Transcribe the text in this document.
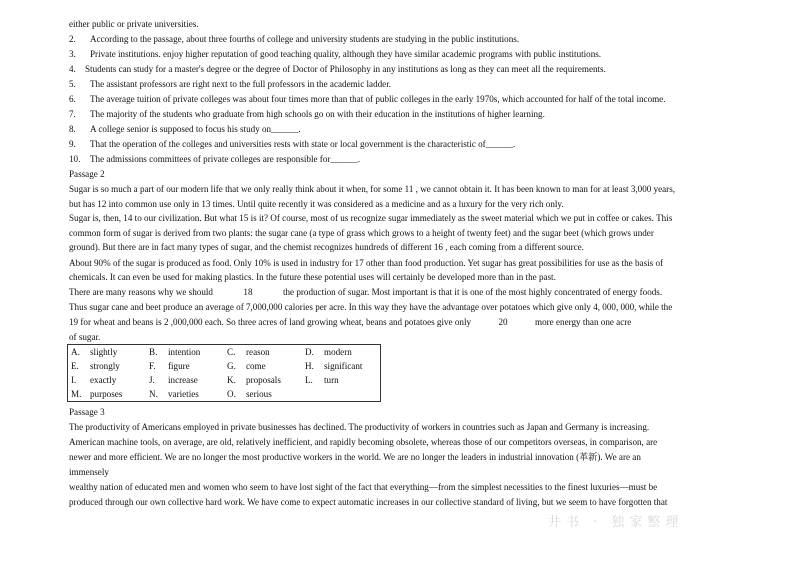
either public or private universities.
2. According to the passage, about three fourths of college and university students are studying in the public institutions.
3. Private institutions. enjoy higher reputation of good teaching quality, although they have similar academic programs with public institutions.
4. Students can study for a master's degree or the degree of Doctor of Philosophy in any institutions as long as they can meet all the requirements.
5. The assistant professors are right next to the full professors in the academic ladder.
6. The average tuition of private colleges was about four times more than that of public colleges in the early 1970s, which accounted for half of the total income.
7. The majority of the students who graduate from high schools go on with their education in the institutions of higher learning.
8. A college senior is supposed to focus his study on______.
9. That the operation of the colleges and universities rests with state or local government is the characteristic of______.
10. The admissions committees of private colleges are responsible for______.
Passage 2
Sugar is so much a part of our modern life that we only really think about it when, for some 11 , we cannot obtain it. It has been known to man for at least 3,000 years,
but has 12 into common use only in 13 times. Until quite recently it was considered as a medicine and as a luxury for the very rich only.
Sugar is, then, 14 to our civilization. But what 15 is it? Of course, most of us recognize sugar immediately as the sweet material which we put in coffee or cakes. This
common form of sugar is derived from two plants: the sugar cane (a type of grass which grows to a height of twenty feet) and the sugar beet (which grows under
ground). But there are in fact many types of sugar, and the chemist recognizes hundreds of different 16 , each coming from a different source.
About 90% of the sugar is produced as food. Only 10% is used in industry for 17 other than food production. Yet sugar has great possibilities for use as the basis of
chemicals. It can even be used for making plastics. In the future these potential uses will certainly be developed more than in the past.
There are many reasons why we should	18	the production of sugar. Most important is that it is one of the most highly concentrated of energy foods.
Thus sugar cane and beet produce an average of 7,000,000 calories per acre. In this way they have the advantage over potatoes which give only 4, 000, 000, while the
19 for wheat and beans is 2 ,000,000 each. So three acres of land growing wheat, beans and potatoes give only	20	more energy than one acre
of sugar.
A.	slightly	B.	intention	C.	reason	D.	modern
E.	strongly	F.	figure	G.	come	H.	significant
I.	exactly	J.	increase	K.	proposals	L.	turn
M.	purposes	N.	varieties	O.	serious		
Passage 3
The productivity of Americans employed in private businesses has declined. The productivity of workers in countries such as Japan and Germany is increasing.
American machine tools, on average, are old, relatively inefficient, and rapidly becoming obsolete, whereas those of our competitors overseas, in comparison, are
newer and more efficient. We are no longer the most productive workers in the world. We are no longer the leaders in industrial innovation (革新). We are an
immensely
wealthy nation of educated men and women who seem to have lost sight of the fact that everything—from the simplest necessities to the finest luxuries—must be
produced through our own collective hard work. We have come to expect automatic increases in our collective standard of living, but we seem to have forgotten that
井书 · 独家整理
